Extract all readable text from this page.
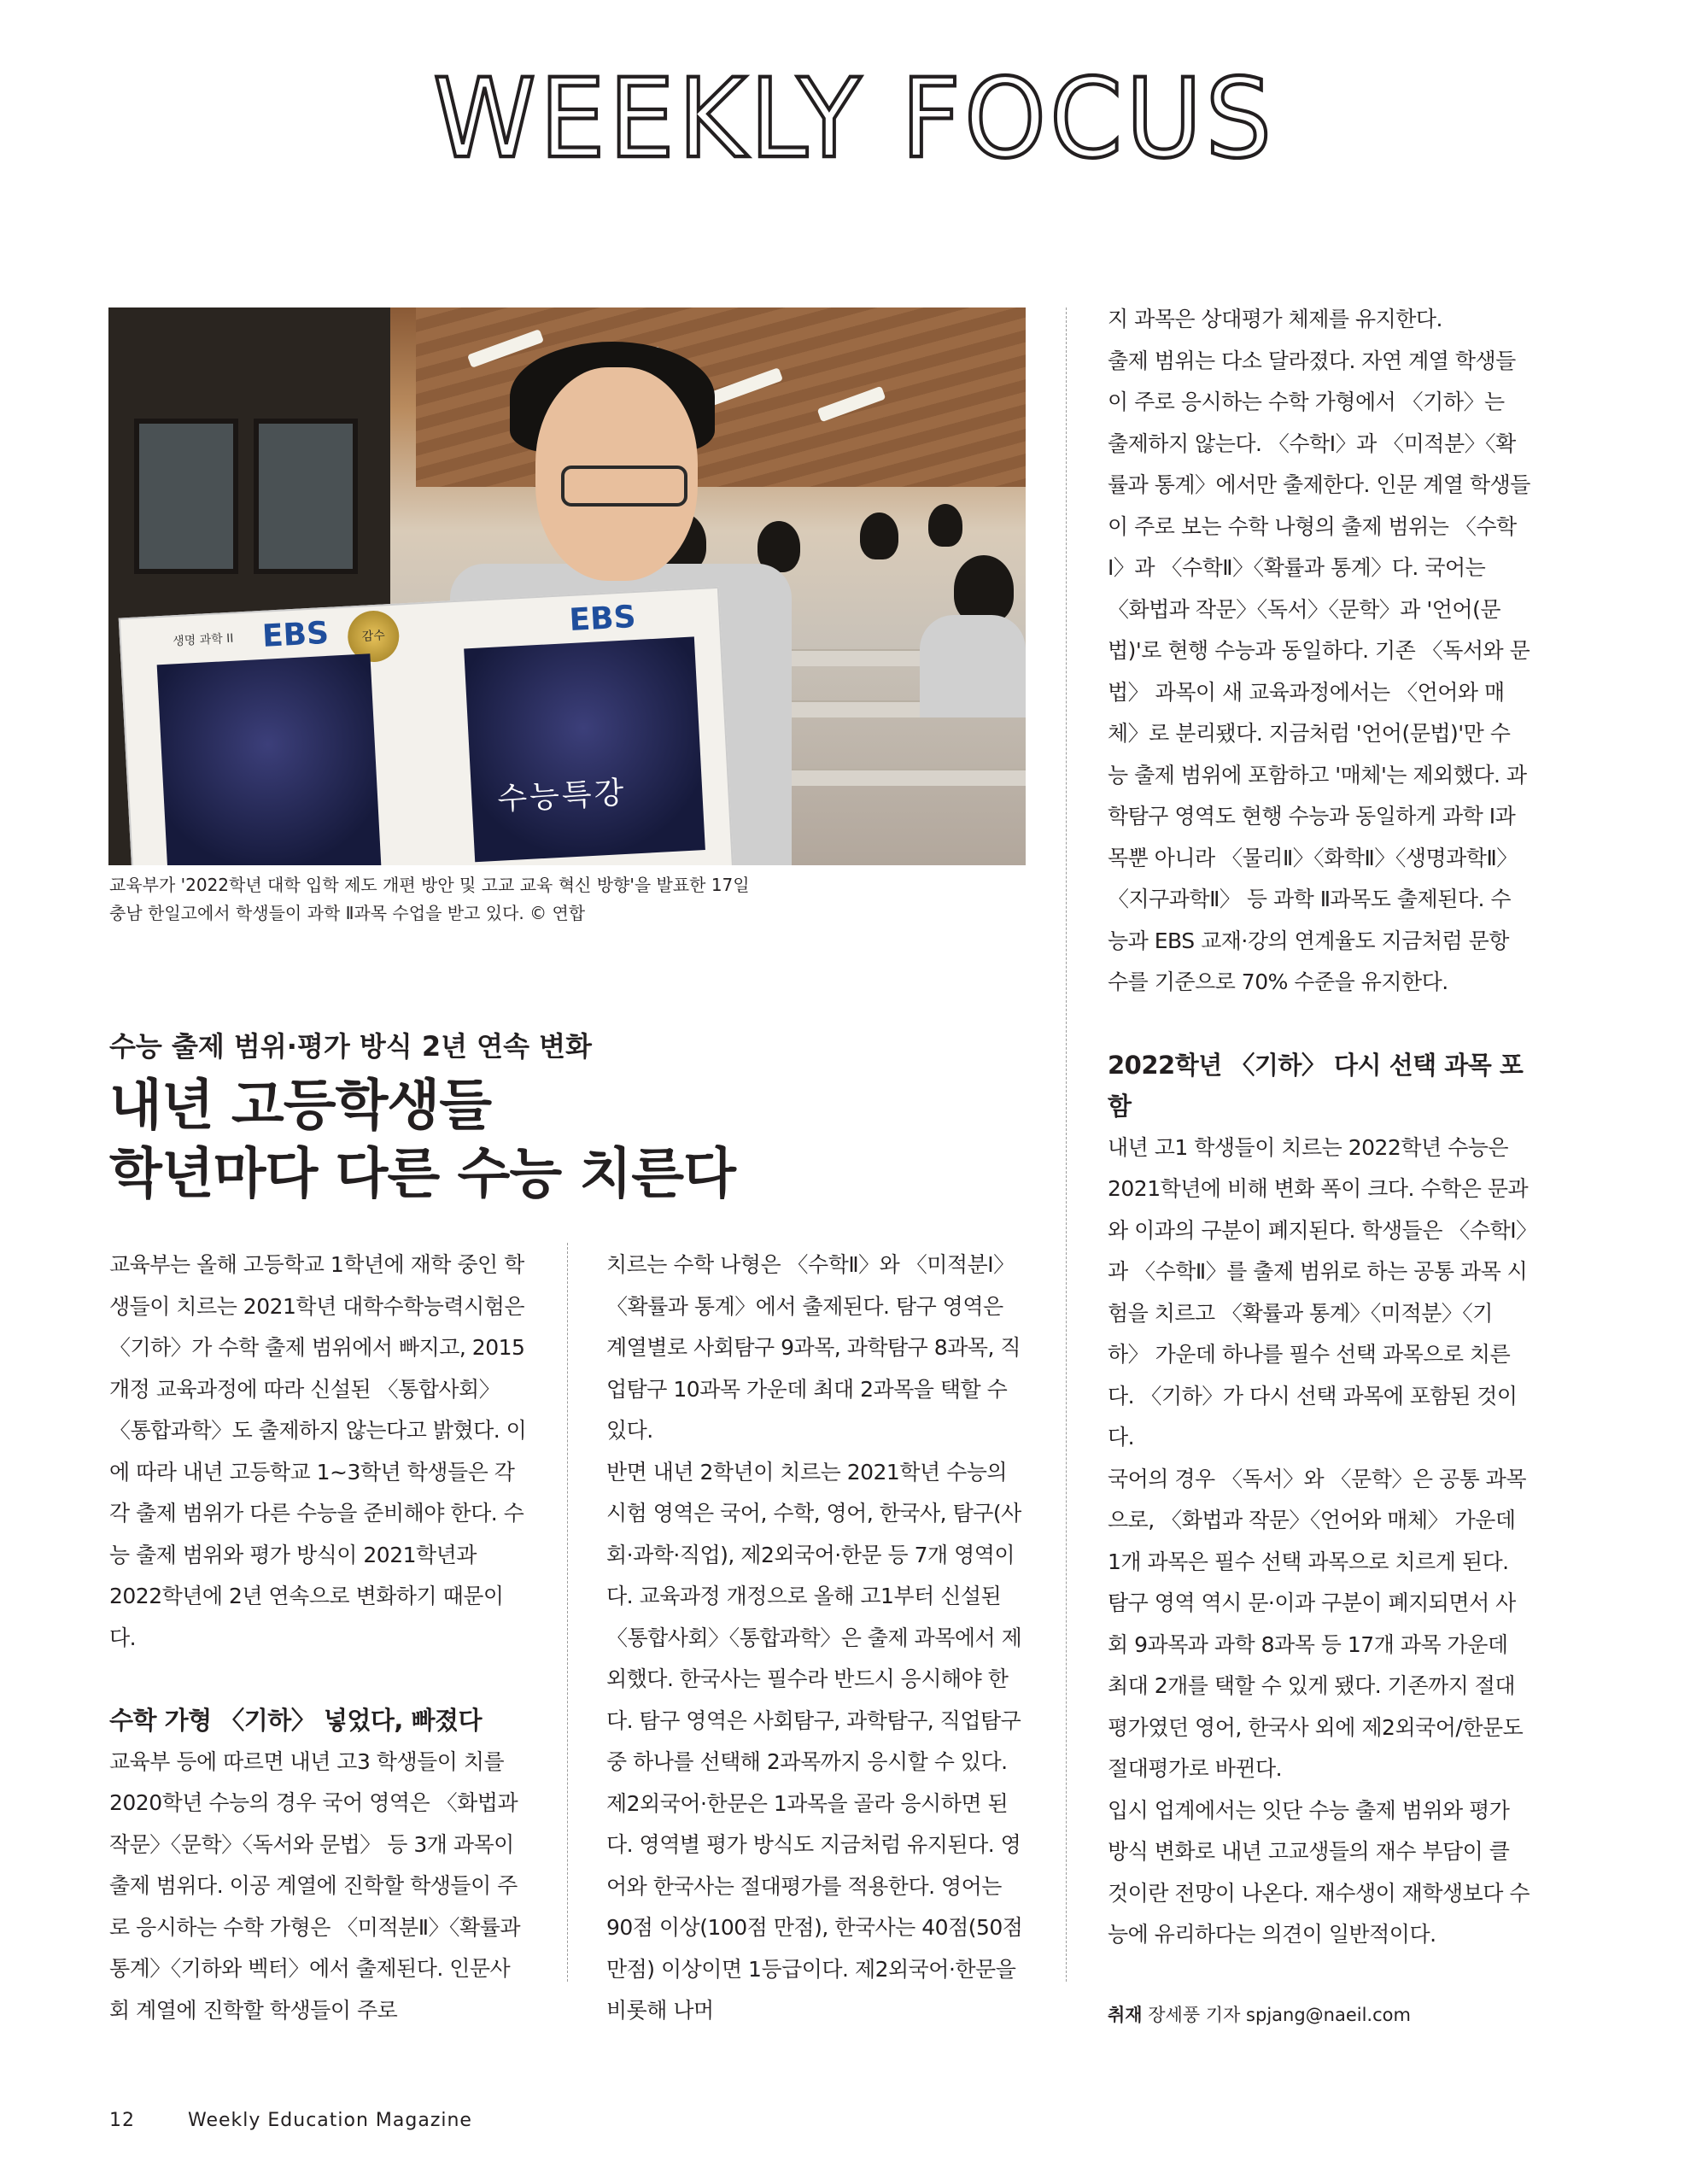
WEEKLY FOCUS
EBS	EBS
감수
생명 과학 II
수능특강
교육부가 '2022학년 대학 입학 제도 개편 방안 및 고교 교육 혁신 방향'을 발표한 17일
충남 한일고에서 학생들이 과학 Ⅱ과목 수업을 받고 있다. © 연합
수능 출제 범위·평가 방식 2년 연속 변화
내년 고등학생들
학년마다 다른 수능 치른다

교육부는 올해 고등학교 1학년에 재학 중인 학생들이 치르는 2021학년 대학수학능력시험은 〈기하〉가 수학 출제 범위에서 빠지고, 2015 개정 교육과정에 따라 신설된 〈통합사회〉〈통합과학〉도 출제하지 않는다고 밝혔다. 이에 따라 내년 고등학교 1~3학년 학생들은 각각 출제 범위가 다른 수능을 준비해야 한다. 수능 출제 범위와 평가 방식이 2021학년과 2022학년에 2년 연속으로 변화하기 때문이다.

수학 가형 〈기하〉 넣었다, 빠졌다

교육부 등에 따르면 내년 고3 학생들이 치를 2020학년 수능의 경우 국어 영역은 〈화법과 작문〉〈문학〉〈독서와 문법〉 등 3개 과목이 출제 범위다. 이공 계열에 진학할 학생들이 주로 응시하는 수학 가형은 〈미적분Ⅱ〉〈확률과 통계〉〈기하와 벡터〉에서 출제된다. 인문사회 계열에 진학할 학생들이 주로

치르는 수학 나형은 〈수학Ⅱ〉와 〈미적분Ⅰ〉〈확률과 통계〉에서 출제된다. 탐구 영역은 계열별로 사회탐구 9과목, 과학탐구 8과목, 직업탐구 10과목 가운데 최대 2과목을 택할 수 있다.

반면 내년 2학년이 치르는 2021학년 수능의 시험 영역은 국어, 수학, 영어, 한국사, 탐구(사회·과학·직업), 제2외국어·한문 등 7개 영역이다. 교육과정 개정으로 올해 고1부터 신설된 〈통합사회〉〈통합과학〉은 출제 과목에서 제외했다. 한국사는 필수라 반드시 응시해야 한다. 탐구 영역은 사회탐구, 과학탐구, 직업탐구 중 하나를 선택해 2과목까지 응시할 수 있다. 제2외국어·한문은 1과목을 골라 응시하면 된다. 영역별 평가 방식도 지금처럼 유지된다. 영어와 한국사는 절대평가를 적용한다. 영어는 90점 이상(100점 만점), 한국사는 40점(50점 만점) 이상이면 1등급이다. 제2외국어·한문을 비롯해 나머

지 과목은 상대평가 체제를 유지한다.

출제 범위는 다소 달라졌다. 자연 계열 학생들이 주로 응시하는 수학 가형에서 〈기하〉는 출제하지 않는다. 〈수학Ⅰ〉과 〈미적분〉〈확률과 통계〉에서만 출제한다. 인문 계열 학생들이 주로 보는 수학 나형의 출제 범위는 〈수학Ⅰ〉과 〈수학Ⅱ〉〈확률과 통계〉다. 국어는 〈화법과 작문〉〈독서〉〈문학〉과 '언어(문법)'로 현행 수능과 동일하다. 기존 〈독서와 문법〉 과목이 새 교육과정에서는 〈언어와 매체〉로 분리됐다. 지금처럼 '언어(문법)'만 수능 출제 범위에 포함하고 '매체'는 제외했다. 과학탐구 영역도 현행 수능과 동일하게 과학 Ⅰ과목뿐 아니라 〈물리Ⅱ〉〈화학Ⅱ〉〈생명과학Ⅱ〉〈지구과학Ⅱ〉 등 과학 Ⅱ과목도 출제된다. 수능과 EBS 교재·강의 연계율도 지금처럼 문항 수를 기준으로 70% 수준을 유지한다.

2022학년 〈기하〉 다시 선택 과목 포함

내년 고1 학생들이 치르는 2022학년 수능은 2021학년에 비해 변화 폭이 크다. 수학은 문과와 이과의 구분이 폐지된다. 학생들은 〈수학Ⅰ〉과 〈수학Ⅱ〉를 출제 범위로 하는 공통 과목 시험을 치르고 〈확률과 통계〉〈미적분〉〈기하〉 가운데 하나를 필수 선택 과목으로 치른다. 〈기하〉가 다시 선택 과목에 포함된 것이다.

국어의 경우 〈독서〉와 〈문학〉은 공통 과목으로, 〈화법과 작문〉〈언어와 매체〉 가운데 1개 과목은 필수 선택 과목으로 치르게 된다. 탐구 영역 역시 문·이과 구분이 폐지되면서 사회 9과목과 과학 8과목 등 17개 과목 가운데 최대 2개를 택할 수 있게 됐다. 기존까지 절대평가였던 영어, 한국사 외에 제2외국어/한문도 절대평가로 바뀐다.

입시 업계에서는 잇단 수능 출제 범위와 평가 방식 변화로 내년 고교생들의 재수 부담이 클 것이란 전망이 나온다. 재수생이 재학생보다 수능에 유리하다는 의견이 일반적이다.

취재 장세풍 기자 spjang@naeil.com
12	Weekly Education Magazine
